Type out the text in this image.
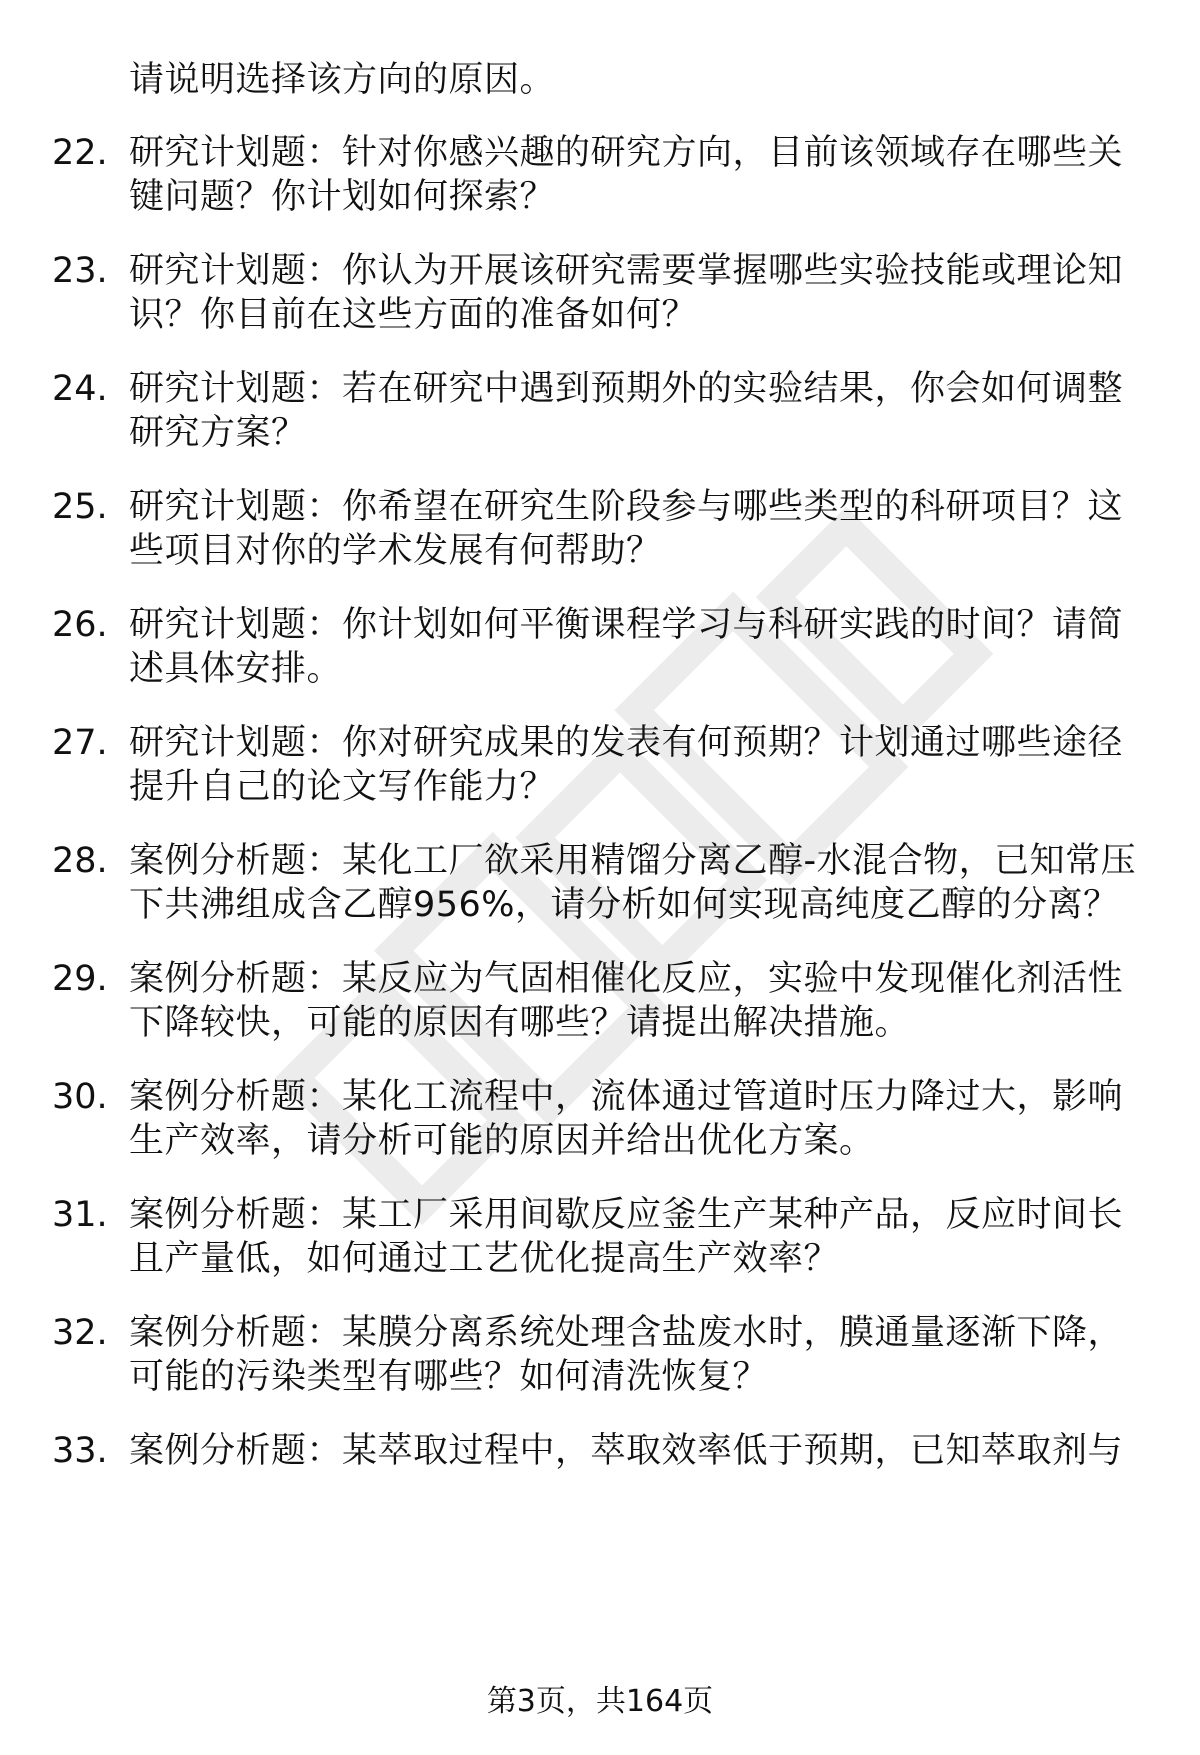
请说明选择该方向的原因。
22. 研究计划题：针对你感兴趣的研究方向，目前该领域存在哪些关
键问题？你计划如何探索？
23. 研究计划题：你认为开展该研究需要掌握哪些实验技能或理论知
识？你目前在这些方面的准备如何？
24. 研究计划题：若在研究中遇到预期外的实验结果，你会如何调整
研究方案？
25. 研究计划题：你希望在研究生阶段参与哪些类型的科研项目？这
些项目对你的学术发展有何帮助？
26. 研究计划题：你计划如何平衡课程学习与科研实践的时间？请简
述具体安排。
27. 研究计划题：你对研究成果的发表有何预期？计划通过哪些途径
提升自己的论文写作能力？
28. 案例分析题：某化工厂欲采用精馏分离乙醇-水混合物，已知常压
下共沸组成含乙醇956%，请分析如何实现高纯度乙醇的分离？
29. 案例分析题：某反应为气固相催化反应，实验中发现催化剂活性
下降较快，可能的原因有哪些？请提出解决措施。
30. 案例分析题：某化工流程中，流体通过管道时压力降过大，影响
生产效率，请分析可能的原因并给出优化方案。
31. 案例分析题：某工厂采用间歇反应釜生产某种产品，反应时间长
且产量低，如何通过工艺优化提高生产效率？
32. 案例分析题：某膜分离系统处理含盐废水时，膜通量逐渐下降，
可能的污染类型有哪些？如何清洗恢复？
33. 案例分析题：某萃取过程中，萃取效率低于预期，已知萃取剂与
第3页，共164页
